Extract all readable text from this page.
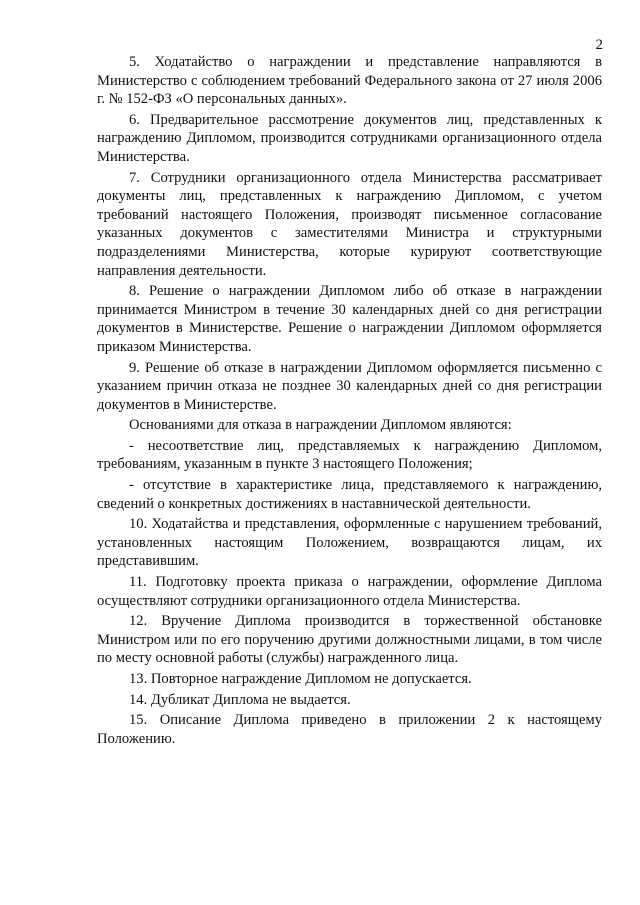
2

5. Ходатайство о награждении и представление направляются в Министерство с соблюдением требований Федерального закона от 27 июля 2006 г. № 152-ФЗ «О персональных данных».

6. Предварительное рассмотрение документов лиц, представленных к награждению Дипломом, производится сотрудниками организационного отдела Министерства.

7. Сотрудники организационного отдела Министерства рассматривает документы лиц, представленных к награждению Дипломом, с учетом требований настоящего Положения, производят письменное согласование указанных документов с заместителями Министра и структурными подразделениями Министерства, которые курируют соответствующие направления деятельности.

8. Решение о награждении Дипломом либо об отказе в награждении принимается Министром в течение 30 календарных дней со дня регистрации документов в Министерстве. Решение о награждении Дипломом оформляется приказом Министерства.

9. Решение об отказе в награждении Дипломом оформляется письменно с указанием причин отказа не позднее 30 календарных дней со дня регистрации документов в Министерстве.

Основаниями для отказа в награждении Дипломом являются:

- несоответствие лиц, представляемых к награждению Дипломом, требованиям, указанным в пункте 3 настоящего Положения;

- отсутствие в характеристике лица, представляемого к награждению, сведений о конкретных достижениях в наставнической деятельности.

10. Ходатайства и представления, оформленные с нарушением требований, установленных настоящим Положением, возвращаются лицам, их представившим.

11. Подготовку проекта приказа о награждении, оформление Диплома осуществляют сотрудники организационного отдела Министерства.

12. Вручение Диплома производится в торжественной обстановке Министром или по его поручению другими должностными лицами, в том числе по месту основной работы (службы) награжденного лица.

13. Повторное награждение Дипломом не допускается.

14. Дубликат Диплома не выдается.

15. Описание Диплома приведено в приложении 2 к настоящему Положению.
